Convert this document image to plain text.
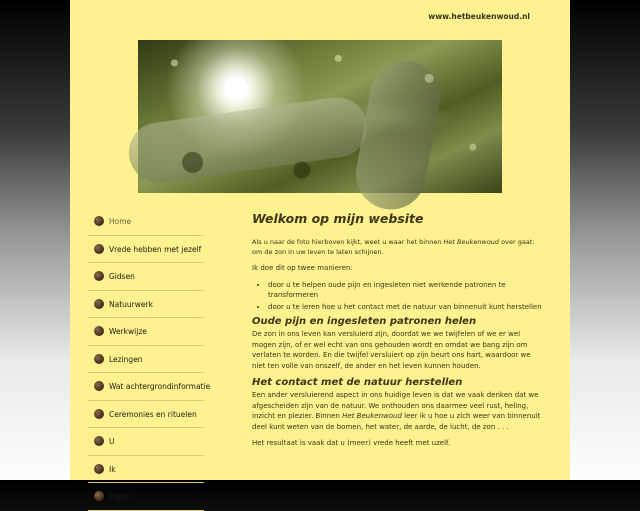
www.hetbeukenwoud.nl
Home
Vrede hebben met jezelf
Gidsen
Natuurwerk
Werkwijze
Lezingen
Wat achtergrondinformatie
Ceremonies en rituelen
U
Ik
Prijzen
Welkom op mijn website

Als u naar de foto hierboven kijkt, weet u waar het binnen Het Beukenwoud over gaat: om de zon in uw leven te laten schijnen.

Ik doe dit op twee manieren:

• door u te helpen oude pijn en ingesleten niet werkende patronen te transformeren
• door u te leren hoe u het contact met de natuur van binnenuit kunt herstellen
Oude pijn en ingesleten patronen helen

De zon in ons leven kan versluierd zijn, doordat we we twijfelen of we er wel mogen zijn, of er wel echt van ons gehouden wordt en omdat we bang zijn om verlaten te worden. En die twijfel versluiert op zijn beurt ons hart, waardoor we niet ten volle van onszelf, de ander en het leven kunnen houden.

Het contact met de natuur herstellen

Een ander versluierend aspect in ons huidige leven is dat we vaak denken dat we afgescheiden zijn van de natuur. We onthouden ons daarmee veel rust, heling, inzicht en plezier. Binnen Het Beukenwoud leer ik u hoe u zich weer van binnenuit deel kunt weten van de bomen, het water, de aarde, de lucht, de zon . . .

Het resultaat is vaak dat u (meer) vrede heeft met uzelf.
